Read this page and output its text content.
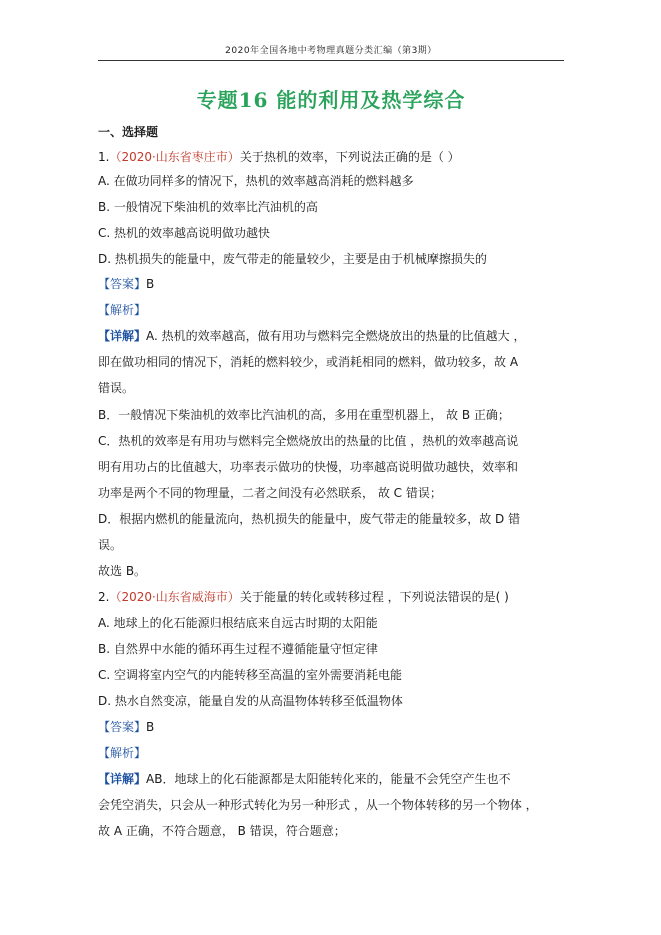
2020年全国各地中考物理真题分类汇编（第3期）
专题16 能的利用及热学综合
一、选择题
1.（2020·山东省枣庄市）关于热机的效率，下列说法正确的是（ ）
A. 在做功同样多的情况下，热机的效率越高消耗的燃料越多
B. 一般情况下柴油机的效率比汽油机的高
C. 热机的效率越高说明做功越快
D. 热机损失的能量中，废气带走的能量较少，主要是由于机械摩擦损失的
【答案】B
【解析】
【详解】A. 热机的效率越高，做有用功与燃料完全燃烧放出的热量的比值越大 ，
即在做功相同的情况下，消耗的燃料较少，或消耗相同的燃料，做功较多，故 A
错误。
B．一般情况下柴油机的效率比汽油机的高，多用在重型机器上， 故 B 正确；
C．热机的效率是有用功与燃料完全燃烧放出的热量的比值 ，热机的效率越高说
明有用功占的比值越大，功率表示做功的快慢，功率越高说明做功越快，效率和
功率是两个不同的物理量，二者之间没有必然联系， 故 C 错误；
D．根据内燃机的能量流向，热机损失的能量中，废气带走的能量较多，故 D 错
误。
故选 B。
2.（2020·山东省威海市）关于能量的转化或转移过程 ，下列说法错误的是( )
A. 地球上的化石能源归根结底来自远古时期的太阳能
B. 自然界中水能的循环再生过程不遵循能量守恒定律
C. 空调将室内空气的内能转移至高温的室外需要消耗电能
D. 热水自然变凉，能量自发的从高温物体转移至低温物体
【答案】B
【解析】
【详解】AB．地球上的化石能源都是太阳能转化来的，能量不会凭空产生也不
会凭空消失，只会从一种形式转化为另一种形式 ，从一个物体转移的另一个物体 ，
故 A 正确，不符合题意， B 错误，符合题意；
